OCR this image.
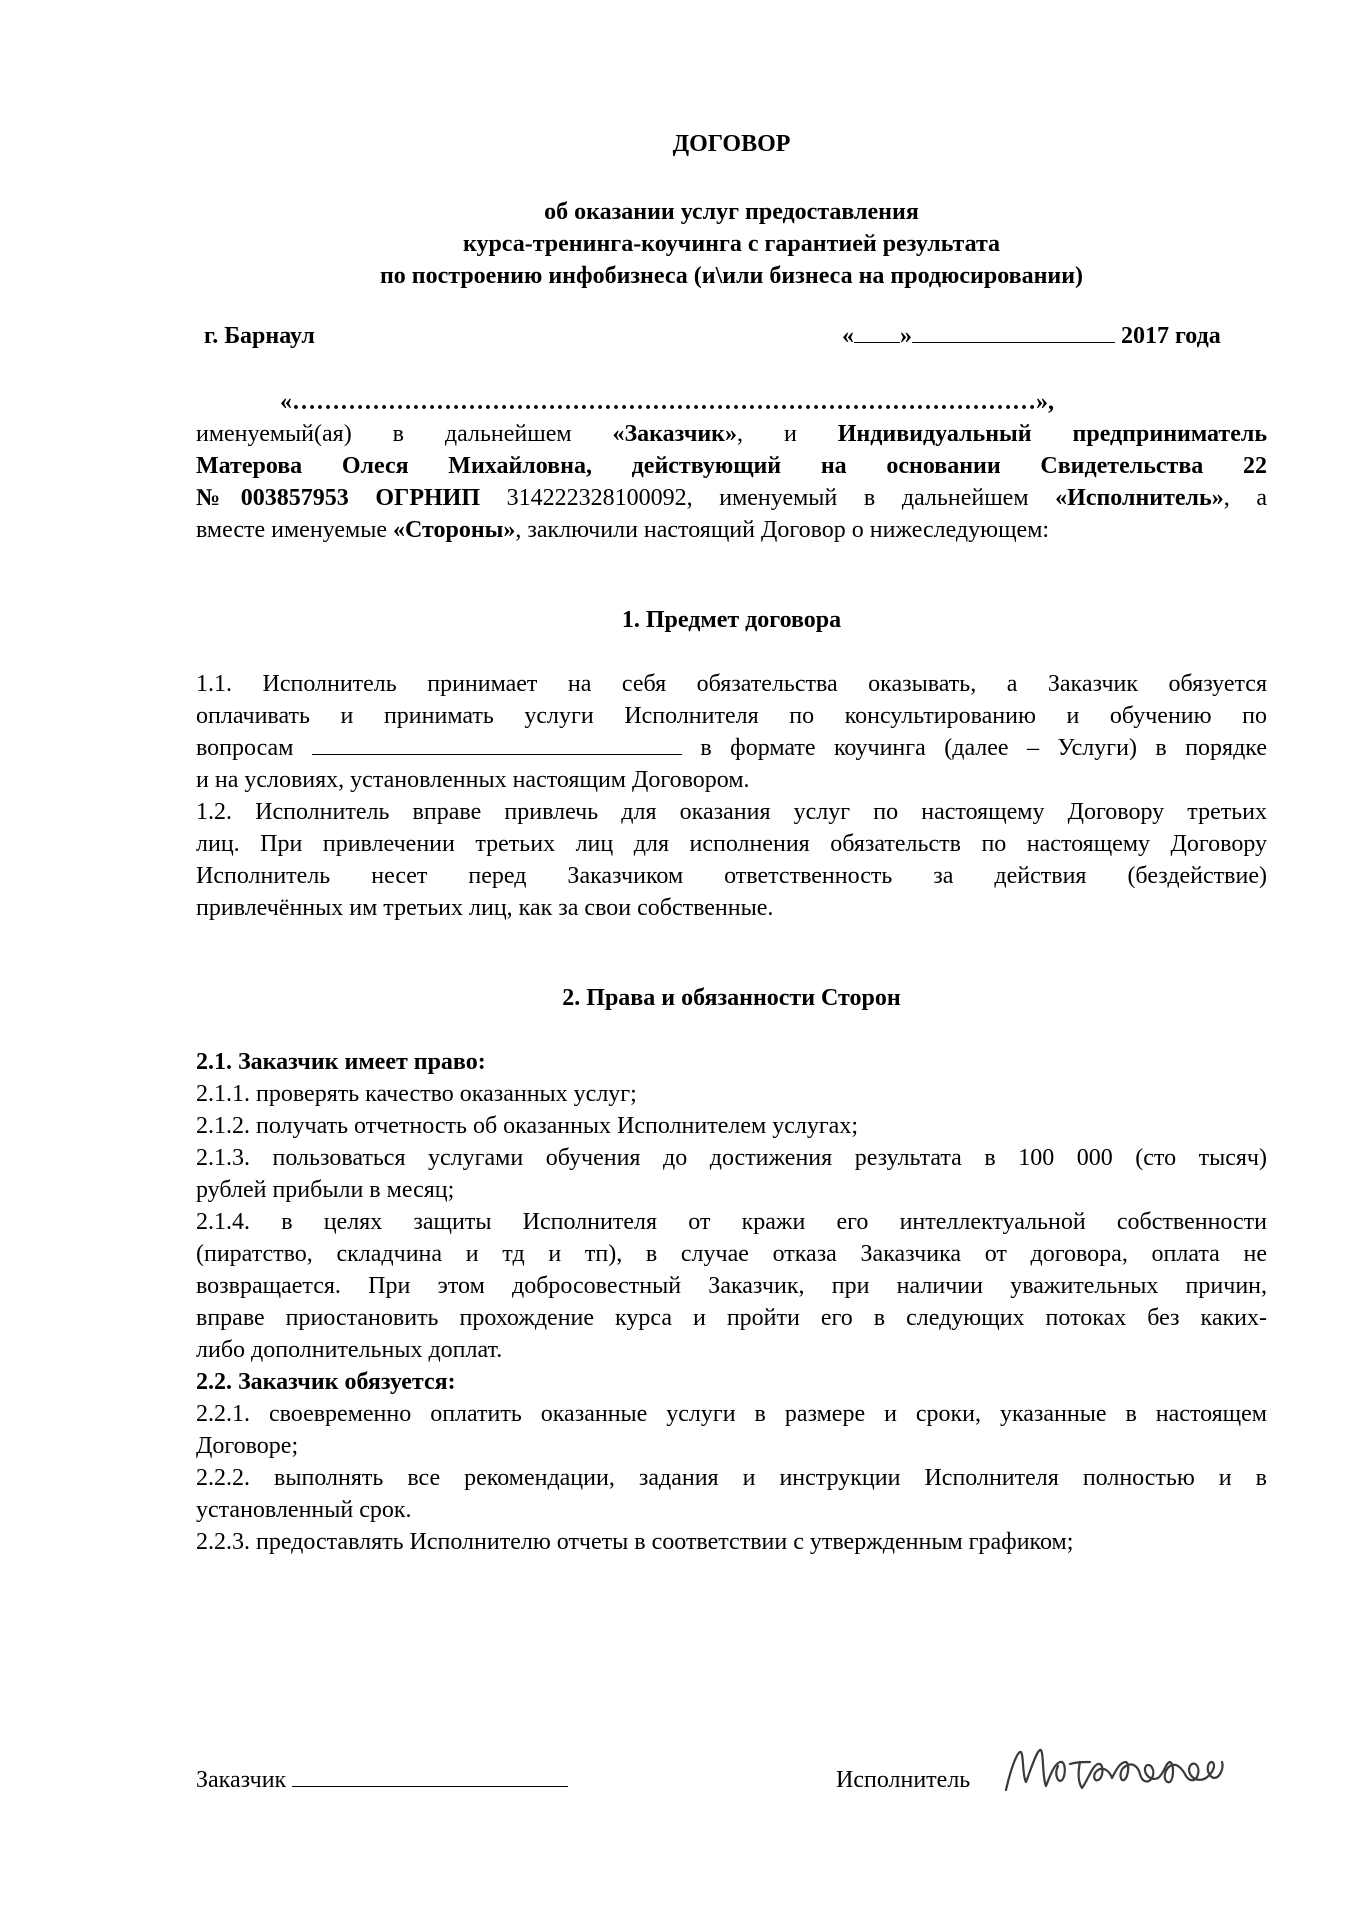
ДОГОВОР
об оказании услуг предоставления
курса-тренинга-коучинга с гарантией результата
по построению инфобизнеса (и\или бизнеса на продюсировании)
г. Барнаул	« »	2017 года
«…………………………………………………………………………………»,
именуемый(ая) в дальнейшем «Заказчик», и Индивидуальный предприниматель
Матерова Олеся Михайловна, действующий на основании Свидетельства 22
№003857953 ОГРНИП 314222328100092, именуемый в дальнейшем «Исполнитель», а
вместе именуемые «Стороны», заключили настоящий Договор о нижеследующем:
1. Предмет договора
1.1. Исполнитель принимает на себя обязательства оказывать, а Заказчик обязуется
оплачивать и принимать услуги Исполнителя по консультированию и обучению по
вопросам	в формате коучинга (далее – Услуги) в порядке
и на условиях, установленных настоящим Договором.
1.2. Исполнитель вправе привлечь для оказания услуг по настоящему Договору третьих
лиц. При привлечении третьих лиц для исполнения обязательств по настоящему Договору
Исполнитель несет перед Заказчиком ответственность за действия (бездействие)
привлечённых им третьих лиц, как за свои собственные.
2. Права и обязанности Сторон
2.1. Заказчик имеет право:
2.1.1. проверять качество оказанных услуг;
2.1.2. получать отчетность об оказанных Исполнителем услугах;
2.1.3. пользоваться услугами обучения до достижения результата в 100 000 (сто тысяч)
рублей прибыли в месяц;
2.1.4. в целях защиты Исполнителя от кражи его интеллектуальной собственности
(пиратство, складчина и тд и тп), в случае отказа Заказчика от договора, оплата не
возвращается. При этом добросовестный Заказчик, при наличии уважительных причин,
вправе приостановить прохождение курса и пройти его в следующих потоках без каких-
либо дополнительных доплат.
2.2. Заказчик обязуется:
2.2.1. своевременно оплатить оказанные услуги в размере и сроки, указанные в настоящем
Договоре;
2.2.2. выполнять все рекомендации, задания и инструкции Исполнителя полностью и в
установленный срок.
2.2.3. предоставлять Исполнителю отчеты в соответствии с утвержденным графиком;
Заказчик	Исполнитель
